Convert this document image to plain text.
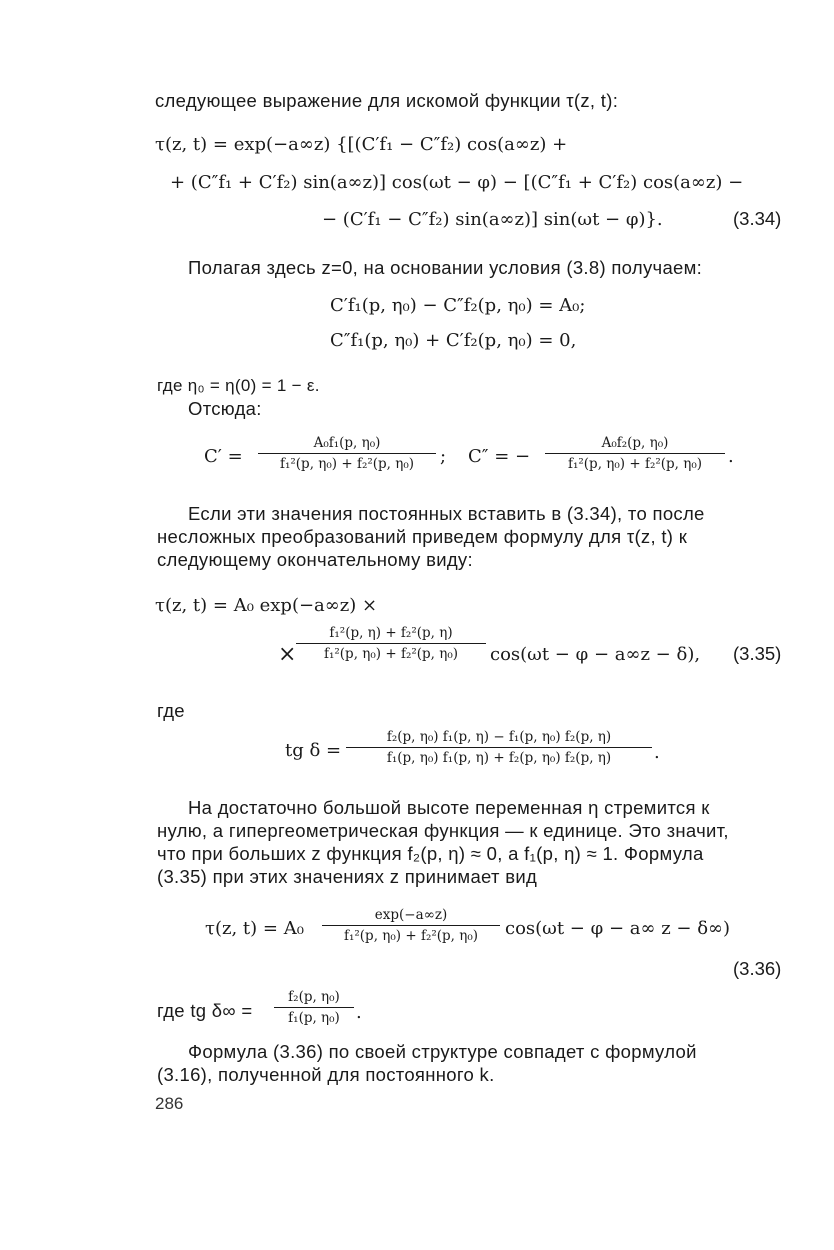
следующее выражение для искомой функции τ(z, t):
τ(z, t) = exp(−a∞z) {[(C′f₁ − C″f₂) cos(a∞z) +
+ (C″f₁ + C′f₂) sin(a∞z)] cos(ωt − φ) − [(C″f₁ + C′f₂) cos(a∞z) −
− (C′f₁ − C″f₂) sin(a∞z)] sin(ωt − φ)}.	(3.34)
Полагая здесь z=0, на основании условия (3.8) получаем:
C′f₁(p, η₀) − C″f₂(p, η₀) = A₀;
C″f₁(p, η₀) + C′f₂(p, η₀) = 0,
где η₀ = η(0) = 1 − ε.
Отсюда:
C′ =
A₀f₁(p, η₀)
f₁²(p, η₀) + f₂²(p, η₀)	; C″ = −
A₀f₂(p, η₀)
f₁²(p, η₀) + f₂²(p, η₀)	.
Если эти значения постоянных вставить в (3.34), то после
несложных преобразований приведем формулу для τ(z, t) к
следующему окончательному виду:
τ(z, t) = A₀ exp(−a∞z) ×
×
f₁²(p, η) + f₂²(p, η)
f₁²(p, η₀) + f₂²(p, η₀)	cos(ωt − φ − a∞z − δ), (3.35)
где
tg δ =
f₂(p, η₀) f₁(p, η) − f₁(p, η₀) f₂(p, η)
f₁(p, η₀) f₁(p, η) + f₂(p, η₀) f₂(p, η)	.
На достаточно большой высоте переменная η стремится к
нулю, а гипергеометрическая функция — к единице. Это значит,
что при больших z функция f₂(p, η) ≈ 0, а f₁(p, η) ≈ 1. Формула
(3.35) при этих значениях z принимает вид
τ(z, t) = A₀
exp(−a∞z)
f₁²(p, η₀) + f₂²(p, η₀)	cos(ωt − φ − a∞ z − δ∞)
(3.36)
где tg δ∞ =
f₂(p, η₀)
f₁(p, η₀) .
Формула (3.36) по своей структуре совпадет с формулой
(3.16), полученной для постоянного k.
286
